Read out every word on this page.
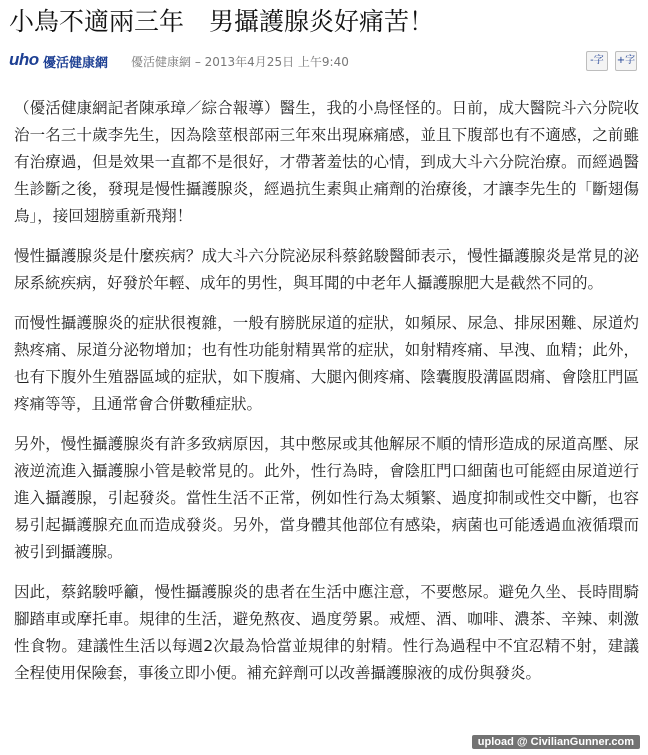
小鳥不適兩三年　男攝護腺炎好痛苦！
uho 優活健康網 優活健康網 – 2013年4月25日 上午9:40	-字 +字

（優活健康網記者陳承璋／綜合報導）醫生，我的小鳥怪怪的。日前，成大醫院斗六分院收治一名三十歲李先生，因為陰莖根部兩三年來出現麻痛感，並且下腹部也有不適感，之前雖有治療過，但是效果一直都不是很好，才帶著羞怯的心情，到成大斗六分院治療。而經過醫生診斷之後，發現是慢性攝護腺炎，經過抗生素與止痛劑的治療後，才讓李先生的「斷翅傷鳥」，接回翅膀重新飛翔！

慢性攝護腺炎是什麼疾病？成大斗六分院泌尿科蔡銘駿醫師表示，慢性攝護腺炎是常見的泌尿系統疾病，好發於年輕、成年的男性，與耳聞的中老年人攝護腺肥大是截然不同的。

而慢性攝護腺炎的症狀很複雜，一般有膀胱尿道的症狀，如頻尿、尿急、排尿困難、尿道灼熱疼痛、尿道分泌物增加；也有性功能射精異常的症狀，如射精疼痛、早洩、血精；此外，也有下腹外生殖器區域的症狀，如下腹痛、大腿內側疼痛、陰囊腹股溝區悶痛、會陰肛門區疼痛等等，且通常會合併數種症狀。

另外，慢性攝護腺炎有許多致病原因，其中憋尿或其他解尿不順的情形造成的尿道高壓、尿液逆流進入攝護腺小管是較常見的。此外，性行為時，會陰肛門口細菌也可能經由尿道逆行進入攝護腺，引起發炎。當性生活不正常，例如性行為太頻繁、過度抑制或性交中斷，也容易引起攝護腺充血而造成發炎。另外，當身體其他部位有感染，病菌也可能透過血液循環而被引到攝護腺。

因此，蔡銘駿呼籲，慢性攝護腺炎的患者在生活中應注意，不要憋尿。避免久坐、長時間騎腳踏車或摩托車。規律的生活，避免熬夜、過度勞累。戒煙、酒、咖啡、濃茶、辛辣、刺激性食物。建議性生活以每週2次最為恰當並規律的射精。性行為過程中不宜忍精不射，建議全程使用保險套，事後立即小便。補充鋅劑可以改善攝護腺液的成份與發炎。

upload @ CivilianGunner.com
